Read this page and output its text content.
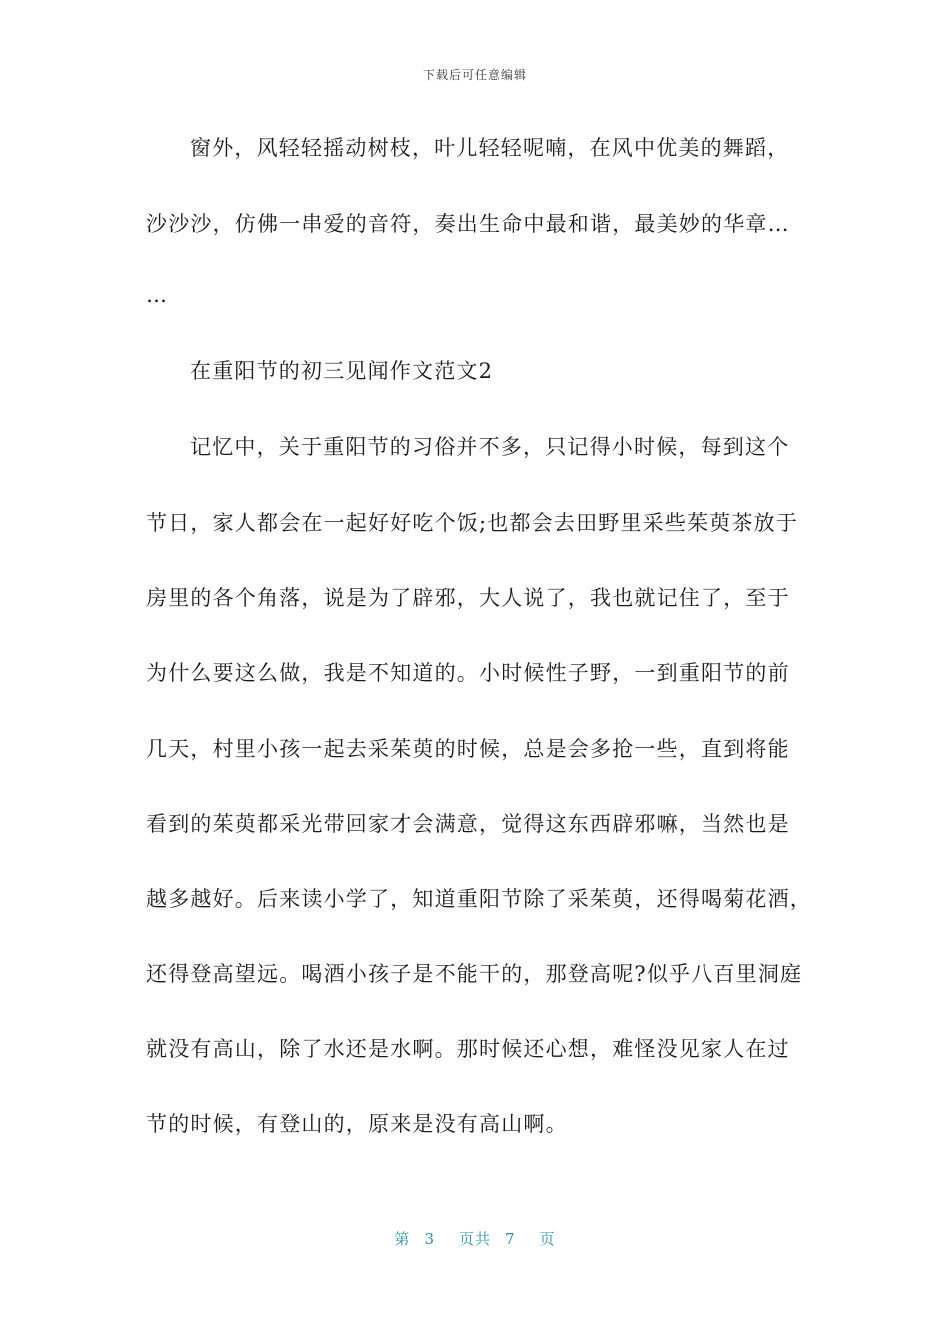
下载后可任意编辑
窗外，风轻轻摇动树枝，叶儿轻轻呢喃，在风中优美的舞蹈，
沙沙沙，仿佛一串爱的音符，奏出生命中最和谐，最美妙的华章…
…
在重阳节的初三见闻作文范文2
记忆中，关于重阳节的习俗并不多，只记得小时候，每到这个
节日，家人都会在一起好好吃个饭;也都会去田野里采些茱萸茶放于
房里的各个角落，说是为了辟邪，大人说了，我也就记住了，至于
为什么要这么做，我是不知道的。小时候性子野，一到重阳节的前
几天，村里小孩一起去采茱萸的时候，总是会多抢一些，直到将能
看到的茱萸都采光带回家才会满意，觉得这东西辟邪嘛，当然也是
越多越好。后来读小学了，知道重阳节除了采茱萸，还得喝菊花酒，
还得登高望远。喝酒小孩子是不能干的，那登高呢?似乎八百里洞庭
就没有高山，除了水还是水啊。那时候还心想，难怪没见家人在过
节的时候，有登山的，原来是没有高山啊。
第 3 页共 7 页
